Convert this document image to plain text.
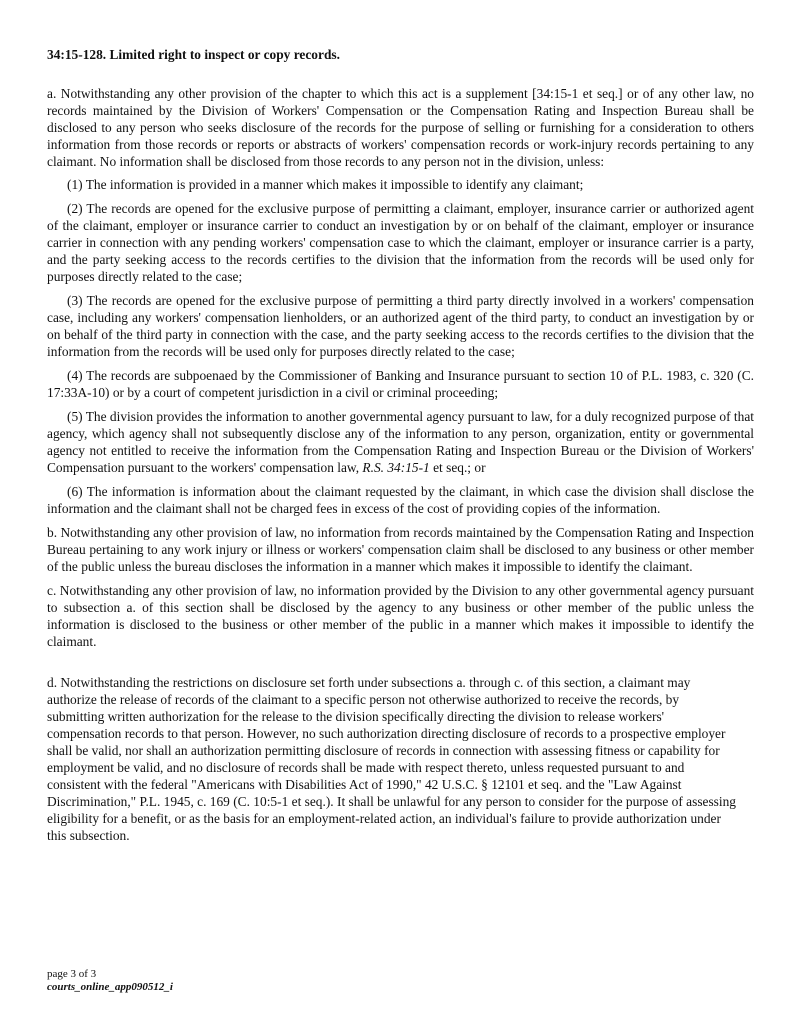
34:15-128. Limited right to inspect or copy records.

a. Notwithstanding any other provision of the chapter to which this act is a supplement [34:15-1 et seq.] or of any other law, no records maintained by the Division of Workers' Compensation or the Compensation Rating and Inspection Bureau shall be disclosed to any person who seeks disclosure of the records for the purpose of selling or furnishing for a consideration to others information from those records or reports or abstracts of workers' compensation records or work-injury records pertaining to any claimant. No information shall be disclosed from those records to any person not in the division, unless:

(1) The information is provided in a manner which makes it impossible to identify any claimant;

(2) The records are opened for the exclusive purpose of permitting a claimant, employer, insurance carrier or authorized agent of the claimant, employer or insurance carrier to conduct an investigation by or on behalf of the claimant, employer or insurance carrier in connection with any pending workers' compensation case to which the claimant, employer or insurance carrier is a party, and the party seeking access to the records certifies to the division that the information from the records will be used only for purposes directly related to the case;

(3) The records are opened for the exclusive purpose of permitting a third party directly involved in a workers' compensation case, including any workers' compensation lienholders, or an authorized agent of the third party, to conduct an investigation by or on behalf of the third party in connection with the case, and the party seeking access to the records certifies to the division that the information from the records will be used only for purposes directly related to the case;

(4) The records are subpoenaed by the Commissioner of Banking and Insurance pursuant to section 10 of P.L. 1983, c. 320 (C. 17:33A-10) or by a court of competent jurisdiction in a civil or criminal proceeding;

(5) The division provides the information to another governmental agency pursuant to law, for a duly recognized purpose of that agency, which agency shall not subsequently disclose any of the information to any person, organization, entity or governmental agency not entitled to receive the information from the Compensation Rating and Inspection Bureau or the Division of Workers' Compensation pursuant to the workers' compensation law, R.S. 34:15-1 et seq.; or

(6) The information is information about the claimant requested by the claimant, in which case the division shall disclose the information and the claimant shall not be charged fees in excess of the cost of providing copies of the information.

b. Notwithstanding any other provision of law, no information from records maintained by the Compensation Rating and Inspection Bureau pertaining to any work injury or illness or workers' compensation claim shall be disclosed to any business or other member of the public unless the bureau discloses the information in a manner which makes it impossible to identify the claimant.

c. Notwithstanding any other provision of law, no information provided by the Division to any other governmental agency pursuant to subsection a. of this section shall be disclosed by the agency to any business or other member of the public unless the information is disclosed to the business or other member of the public in a manner which makes it impossible to identify the claimant.

d. Notwithstanding the restrictions on disclosure set forth under subsections a. through c. of this section, a claimant may authorize the release of records of the claimant to a specific person not otherwise authorized to receive the records, by submitting written authorization for the release to the division specifically directing the division to release workers' compensation records to that person. However, no such authorization directing disclosure of records to a prospective employer shall be valid, nor shall an authorization permitting disclosure of records in connection with assessing fitness or capability for employment be valid, and no disclosure of records shall be made with respect thereto, unless requested pursuant to and consistent with the federal "Americans with Disabilities Act of 1990," 42 U.S.C. § 12101 et seq. and the "Law Against Discrimination," P.L. 1945, c. 169 (C. 10:5-1 et seq.). It shall be unlawful for any person to consider for the purpose of assessing eligibility for a benefit, or as the basis for an employment-related action, an individual's failure to provide authorization under this subsection.

page 3 of 3
courts_online_app090512_i
